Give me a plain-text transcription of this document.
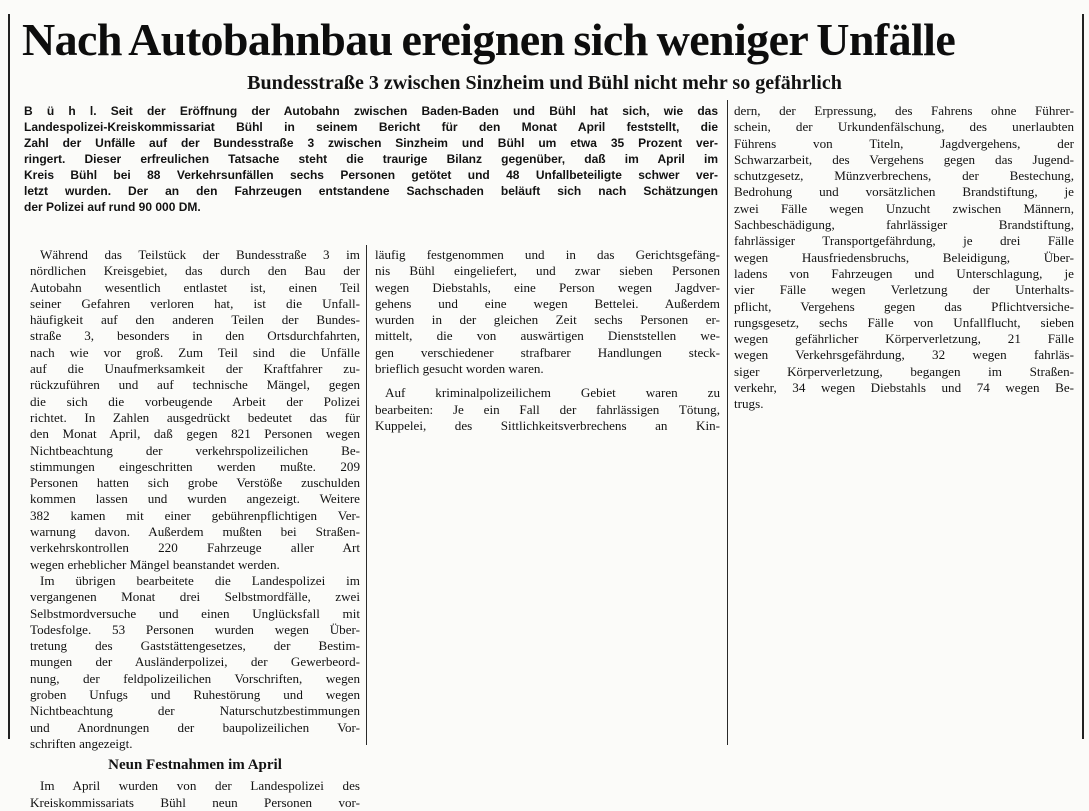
Nach Autobahnbau ereignen sich weniger Unfälle
Bundesstraße 3 zwischen Sinzheim und Bühl nicht mehr so gefährlich
B ü h l. Seit der Eröffnung der Autobahn zwischen Baden-Baden und Bühl hat sich, wie das
Landespolizei-Kreiskommissariat Bühl in seinem Bericht für den Monat April feststellt, die
Zahl der Unfälle auf der Bundesstraße 3 zwischen Sinzheim und Bühl um etwa 35 Prozent ver-
ringert. Dieser erfreulichen Tatsache steht die traurige Bilanz gegenüber, daß im April im
Kreis Bühl bei 88 Verkehrsunfällen sechs Personen getötet und 48 Unfallbeteiligte schwer ver-
letzt wurden. Der an den Fahrzeugen entstandene Sachschaden beläuft sich nach Schätzungen
der Polizei auf rund 90 000 DM.
Während das Teilstück der Bundesstraße 3 im
nördlichen Kreisgebiet, das durch den Bau der
Autobahn wesentlich entlastet ist, einen Teil
seiner Gefahren verloren hat, ist die Unfall-
häufigkeit auf den anderen Teilen der Bundes-
straße 3, besonders in den Ortsdurchfahrten,
nach wie vor groß. Zum Teil sind die Unfälle
auf die Unaufmerksamkeit der Kraftfahrer zu-
rückzuführen und auf technische Mängel, gegen
die sich die vorbeugende Arbeit der Polizei
richtet. In Zahlen ausgedrückt bedeutet das für
den Monat April, daß gegen 821 Personen wegen
Nichtbeachtung der verkehrspolizeilichen Be-
stimmungen eingeschritten werden mußte. 209
Personen hatten sich grobe Verstöße zuschulden
kommen lassen und wurden angezeigt. Weitere
382 kamen mit einer gebührenpflichtigen Ver-
warnung davon. Außerdem mußten bei Straßen-
verkehrskontrollen 220 Fahrzeuge aller Art
wegen erheblicher Mängel beanstandet werden.
Im übrigen bearbeitete die Landespolizei im
vergangenen Monat drei Selbstmordfälle, zwei
Selbstmordversuche und einen Unglücksfall mit
Todesfolge. 53 Personen wurden wegen Über-
tretung des Gaststättengesetzes, der Bestim-
mungen der Ausländerpolizei, der Gewerbeord-
nung, der feldpolizeilichen Vorschriften, wegen
groben Unfugs und Ruhestörung und wegen
Nichtbeachtung der Naturschutzbestimmungen
und Anordnungen der baupolizeilichen Vor-
schriften angezeigt.
Neun Festnahmen im April
Im April wurden von der Landespolizei des
Kreiskommissariats Bühl neun Personen vor-
läufig festgenommen und in das Gerichtsgefäng-
nis Bühl eingeliefert, und zwar sieben Personen
wegen Diebstahls, eine Person wegen Jagdver-
gehens und eine wegen Bettelei. Außerdem
wurden in der gleichen Zeit sechs Personen er-
mittelt, die von auswärtigen Dienststellen we-
gen verschiedener strafbarer Handlungen steck-
brieflich gesucht worden waren.
Auf kriminalpolizeilichem Gebiet waren zu
bearbeiten: Je ein Fall der fahrlässigen Tötung,
Kuppelei, des Sittlichkeitsverbrechens an Kin-
dern, der Erpressung, des Fahrens ohne Führer-
schein, der Urkundenfälschung, des unerlaubten
Führens von Titeln, Jagdvergehens, der
Schwarzarbeit, des Vergehens gegen das Jugend-
schutzgesetz, Münzverbrechens, der Bestechung,
Bedrohung und vorsätzlichen Brandstiftung, je
zwei Fälle wegen Unzucht zwischen Männern,
Sachbeschädigung, fahrlässiger Brandstiftung,
fahrlässiger Transportgefährdung, je drei Fälle
wegen Hausfriedensbruchs, Beleidigung, Über-
ladens von Fahrzeugen und Unterschlagung, je
vier Fälle wegen Verletzung der Unterhalts-
pflicht, Vergehens gegen das Pflichtversiche-
rungsgesetz, sechs Fälle von Unfallflucht, sieben
wegen gefährlicher Körperverletzung, 21 Fälle
wegen Verkehrsgefährdung, 32 wegen fahrläs-
siger Körperverletzung, begangen im Straßen-
verkehr, 34 wegen Diebstahls und 74 wegen Be-
trugs.
